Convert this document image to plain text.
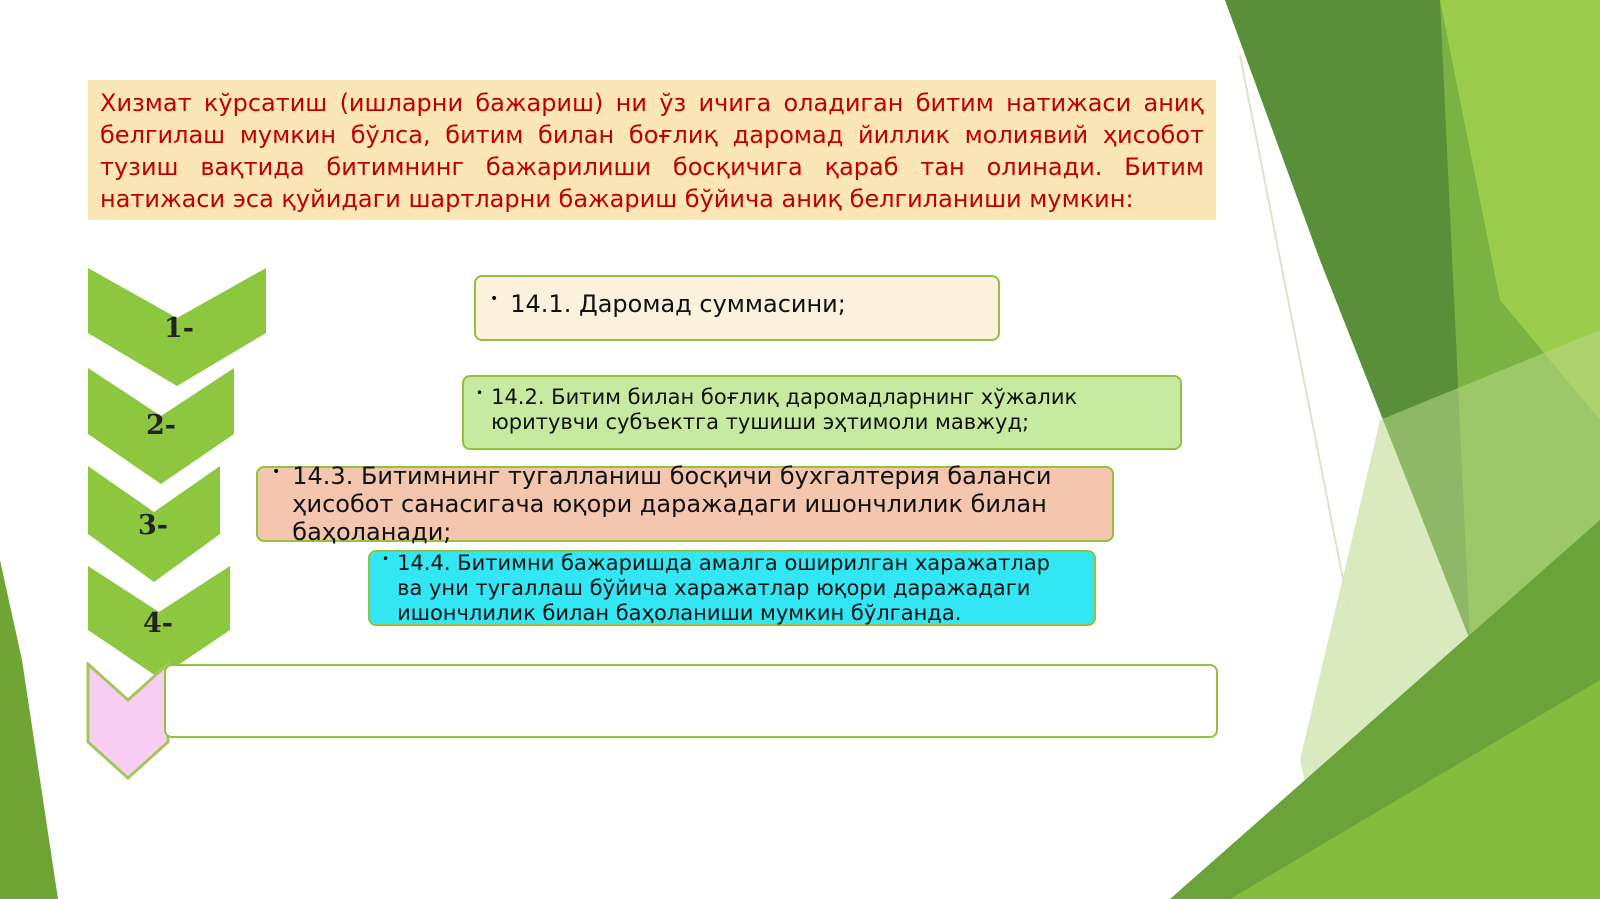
Хизмат кўрсатиш (ишларни бажариш) ни ўз ичига оладиган битим натижаси аниқ белгилаш мумкин бўлса, битим билан боғлиқ даромад йиллик молиявий ҳисобот тузиш вақтида битимнинг бажарилиши босқичига қараб тан олинади. Битим натижаси эса қуйидаги шартларни бажариш бўйича аниқ белгиланиши мумкин:

1-
2-
3-
4-
• 14.1. Даромад суммасини;

• 14.2. Битим билан боғлиқ даромадларнинг хўжалик юритувчи субъектга тушиши эҳтимоли мавжуд;

• 14.3. Битимнинг тугалланиш босқичи бухгалтерия баланси ҳисобот санасигача юқори даражадаги ишончлилик билан баҳоланади;

• 14.4. Битимни бажаришда амалга оширилган харажатлар ва уни тугаллаш бўйича харажатлар юқори даражадаги ишончлилик билан баҳоланиши мумкин бўлганда.
